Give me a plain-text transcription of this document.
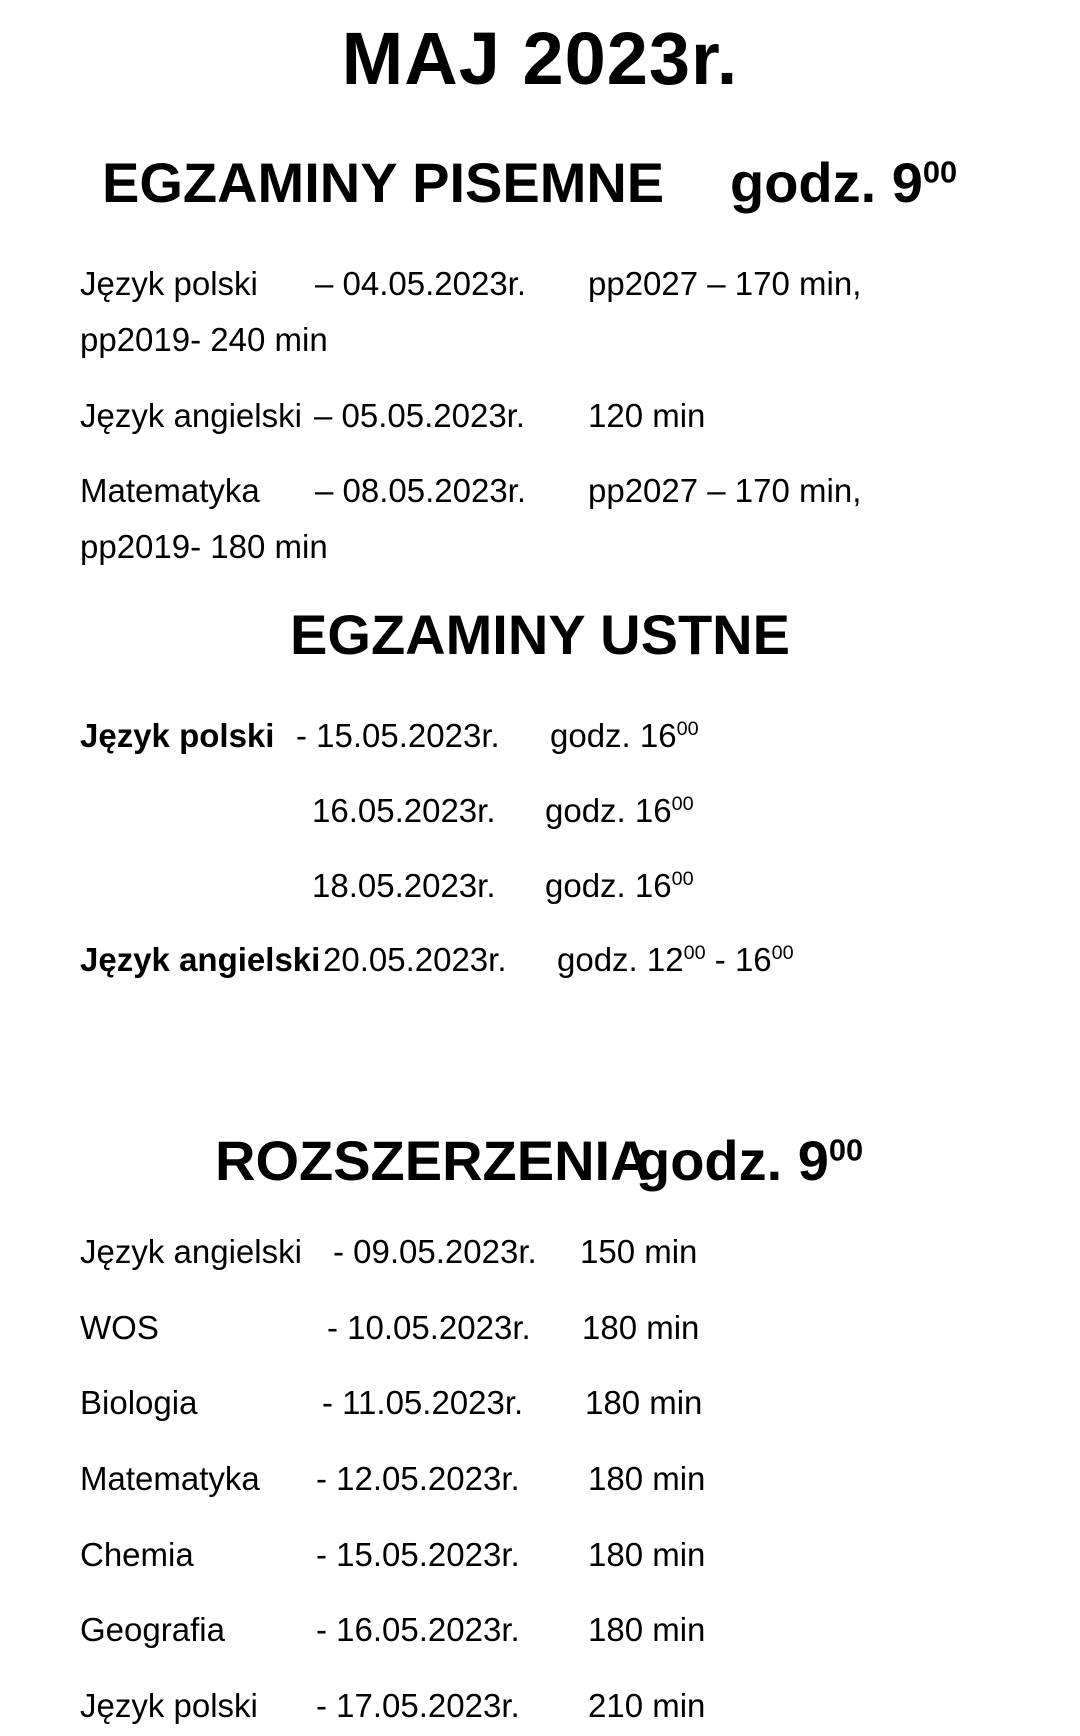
MAJ 2023r.
EGZAMINY PISEMNE godz. $9^{00}$
Język polski – 04.05.2023r. pp2027 – 170 min,
pp2019- 240 min
Język angielski – 05.05.2023r. 120 min
Matematyka – 08.05.2023r. pp2027 – 170 min,
pp2019- 180 min
EGZAMINY USTNE
Język polski - 15.05.2023r. godz. $16^{00}$
16.05.2023r. godz. $16^{00}$
18.05.2023r. godz. $16^{00}$
Język angielski 20.05.2023r. godz. $12^{00} - 16^{00}$
ROZSZERZENIA
godz. $9^{00}$
Język angielski - 09.05.2023r. 150 min
WOS	- 10.05.2023r. 180 min
Biologia	- 11.05.2023r. 180 min
Matematyka - 12.05.2023r. 180 min
Chemia	- 15.05.2023r. 180 min
Geografia	- 16.05.2023r. 180 min
Język polski - 17.05.2023r. 210 min
